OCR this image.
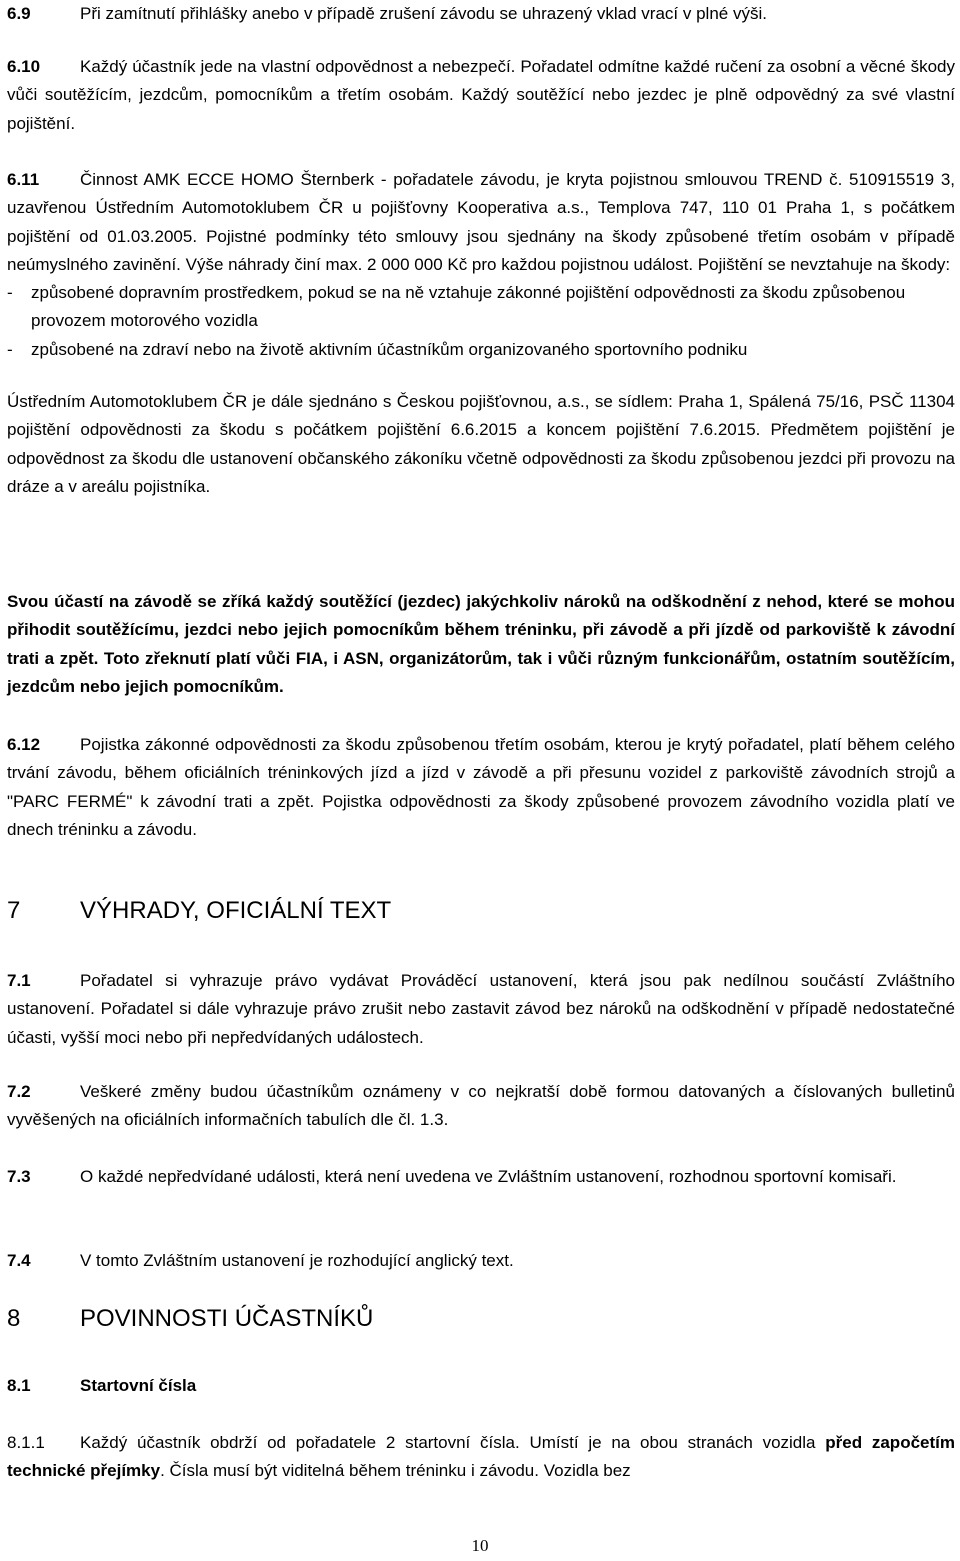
6.9	Při zamítnutí přihlášky anebo v případě zrušení závodu se uhrazený vklad vrací v plné výši.
6.10 Každý účastník jede na vlastní odpovědnost a nebezpečí. Pořadatel odmítne každé ručení za osobní a věcné škody vůči soutěžícím, jezdcům, pomocníkům a třetím osobám. Každý soutěžící nebo jezdec je plně odpovědný za své vlastní pojištění.
6.11 Činnost AMK ECCE HOMO Šternberk - pořadatele závodu, je kryta pojistnou smlouvou TREND č. 510915519 3, uzavřenou Ústředním Automotoklubem ČR u pojišťovny Kooperativa a.s., Templova 747, 110 01 Praha 1, s počátkem pojištění od 01.03.2005. Pojistné podmínky této smlouvy jsou sjednány na škody způsobené třetím osobám v případě neúmyslného zavinění. Výše náhrady činí max. 2 000 000 Kč pro každou pojistnou událost. Pojištění se nevztahuje na škody:
- způsobené dopravním prostředkem, pokud se na ně vztahuje zákonné pojištění odpovědnosti za škodu způsobenou provozem motorového vozidla
- způsobené na zdraví nebo na životě aktivním účastníkům organizovaného sportovního podniku
Ústředním Automotoklubem ČR je dále sjednáno s Českou pojišťovnou, a.s., se sídlem: Praha 1, Spálená 75/16, PSČ 11304 pojištění odpovědnosti za škodu s počátkem pojištění 6.6.2015 a koncem pojištění 7.6.2015. Předmětem pojištění je odpovědnost za škodu dle ustanovení občanského zákoníku včetně odpovědnosti za škodu způsobenou jezdci při provozu na dráze a v areálu pojistníka.
Svou účastí na závodě se zříká každý soutěžící (jezdec) jakýchkoliv nároků na odškodnění z nehod, které se mohou přihodit soutěžícímu, jezdci nebo jejich pomocníkům během tréninku, při závodě a při jízdě od parkoviště k závodní trati a zpět. Toto zřeknutí platí vůči FIA, i ASN, organizátorům, tak i vůči různým funkcionářům, ostatním soutěžícím, jezdcům nebo jejich pomocníkům.
6.12 Pojistka zákonné odpovědnosti za škodu způsobenou třetím osobám, kterou je krytý pořadatel, platí během celého trvání závodu, během oficiálních tréninkových jízd a jízd v závodě a při přesunu vozidel z parkoviště závodních strojů a "PARC FERMÉ" k závodní trati a zpět. Pojistka odpovědnosti za škody způsobené provozem závodního vozidla platí ve dnech tréninku a závodu.
7 VÝHRADY, OFICIÁLNÍ TEXT
7.1	Pořadatel si vyhrazuje právo vydávat Prováděcí ustanovení, která jsou pak nedílnou součástí Zvláštního ustanovení. Pořadatel si dále vyhrazuje právo zrušit nebo zastavit závod bez nároků na odškodnění v případě nedostatečné účasti, vyšší moci nebo při nepředvídaných událostech.
7.2	Veškeré změny budou účastníkům oznámeny v co nejkratší době formou datovaných a číslovaných bulletinů vyvěšených na oficiálních informačních tabulích dle čl. 1.3.
7.3	O každé nepředvídané události, která není uvedena ve Zvláštním ustanovení, rozhodnou sportovní komisaři.
7.4	V tomto Zvláštním ustanovení je rozhodující anglický text.
8 POVINNOSTI ÚČASTNÍKŮ
8.1	Startovní čísla
8.1.1 Každý účastník obdrží od pořadatele 2 startovní čísla. Umístí je na obou stranách vozidla před započetím technické přejímky. Čísla musí být viditelná během tréninku i závodu. Vozidla bez
10
